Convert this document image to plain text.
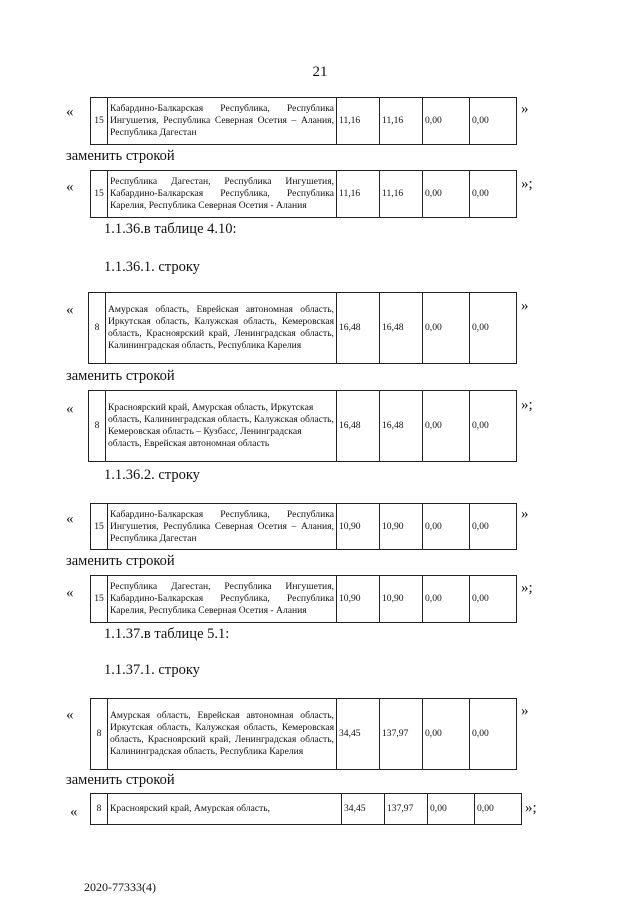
21
«
15	Кабардино-Балкарская Республика, Республика Ингушетия, Республика Северная Осетия – Алания, Республика Дагестан	11,16	11,16	0,00	0,00
»
заменить строкой
« 15	Республика Дагестан, Республика Ингушетия, Кабардино-Балкарская Республика, Республика Карелия, Республика Северная Осетия - Алания	11,16	11,16	0,00	0,00
»;
1.1.36.в таблице 4.10:
1.1.36.1. строку
«
8	Амурская область, Еврейская автономная область, Иркутская область, Калужская область, Кемеровская область, Красноярский край, Ленинградская область, Калининградская область, Республика Карелия	16,48	16,48	0,00	0,00
»
заменить строкой
«
8	Красноярский край, Амурская область, Иркутская область, Калининградская область, Калужская область, Кемеровская область – Кузбасс, Ленинградская область, Еврейская автономная область	16,48	16,48	0,00	0,00
»;
1.1.36.2. строку
« 15	Кабардино-Балкарская Республика, Республика Ингушетия, Республика Северная Осетия – Алания, Республика Дагестан	10,90	10,90	0,00	0,00
»
заменить строкой
« 15	Республика Дагестан, Республика Ингушетия, Кабардино-Балкарская Республика, Республика Карелия, Республика Северная Осетия - Алания	10,90	10,90	0,00	0,00
»;
1.1.37.в таблице 5.1:
1.1.37.1. строку
«
8	Амурская область, Еврейская автономная область, Иркутская область, Калужская область, Кемеровская область, Красноярский край, Ленинградская область, Калининградская область, Республика Карелия	34,45	137,97	0,00	0,00
»
заменить строкой
« 8	Красноярский край, Амурская область,	34,45	137,97	0,00	0,00 »;
2020-77333(4)
